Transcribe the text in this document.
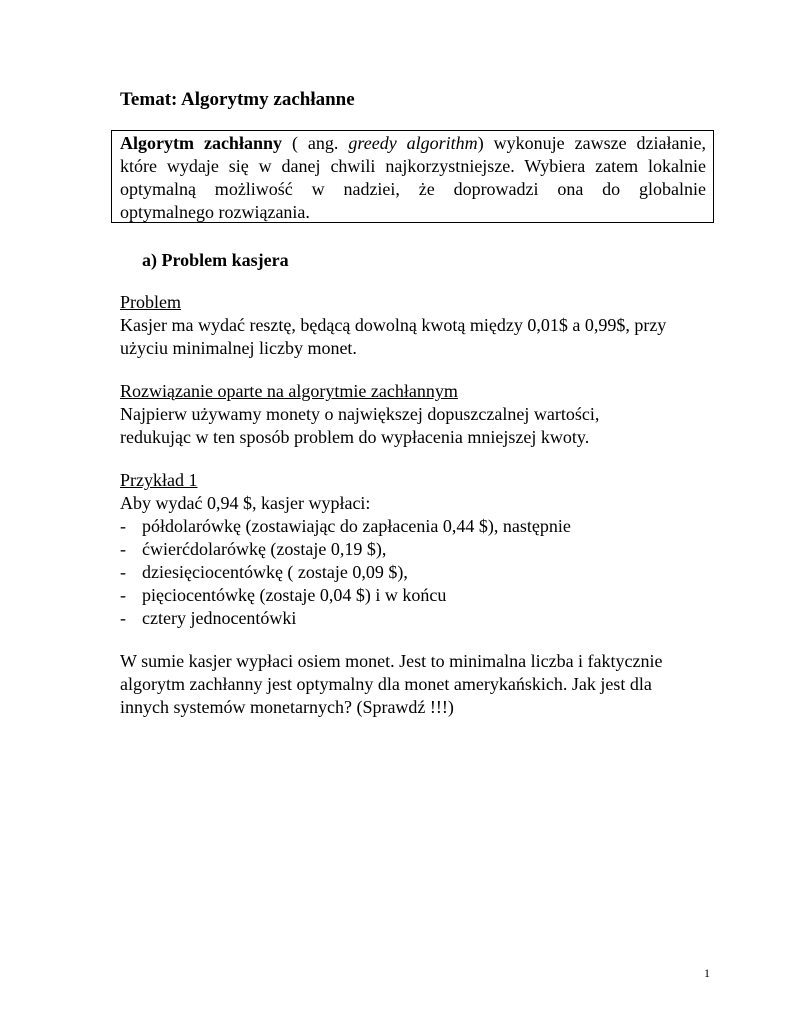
Temat: Algorytmy zachłanne
Algorytm zachłanny ( ang. greedy algorithm) wykonuje zawsze działanie,
które wydaje się w danej chwili najkorzystniejsze. Wybiera zatem lokalnie
optymalną możliwość w nadziei, że doprowadzi ona do globalnie
optymalnego rozwiązania.
a) Problem kasjera
Problem
Kasjer ma wydać resztę, będącą dowolną kwotą między 0,01$ a 0,99$, przy
użyciu minimalnej liczby monet.
Rozwiązanie oparte na algorytmie zachłannym
Najpierw używamy monety o największej dopuszczalnej wartości,
redukując w ten sposób problem do wypłacenia mniejszej kwoty.
Przykład 1
Aby wydać 0,94 $, kasjer wypłaci:
- półdolarówkę (zostawiając do zapłacenia 0,44 $), następnie
- ćwierćdolarówkę (zostaje 0,19 $),
- dziesięciocentówkę ( zostaje 0,09 $),
- pięciocentówkę (zostaje 0,04 $) i w końcu
- cztery jednocentówki
W sumie kasjer wypłaci osiem monet. Jest to minimalna liczba i faktycznie
algorytm zachłanny jest optymalny dla monet amerykańskich. Jak jest dla
innych systemów monetarnych? (Sprawdź !!!)
1
